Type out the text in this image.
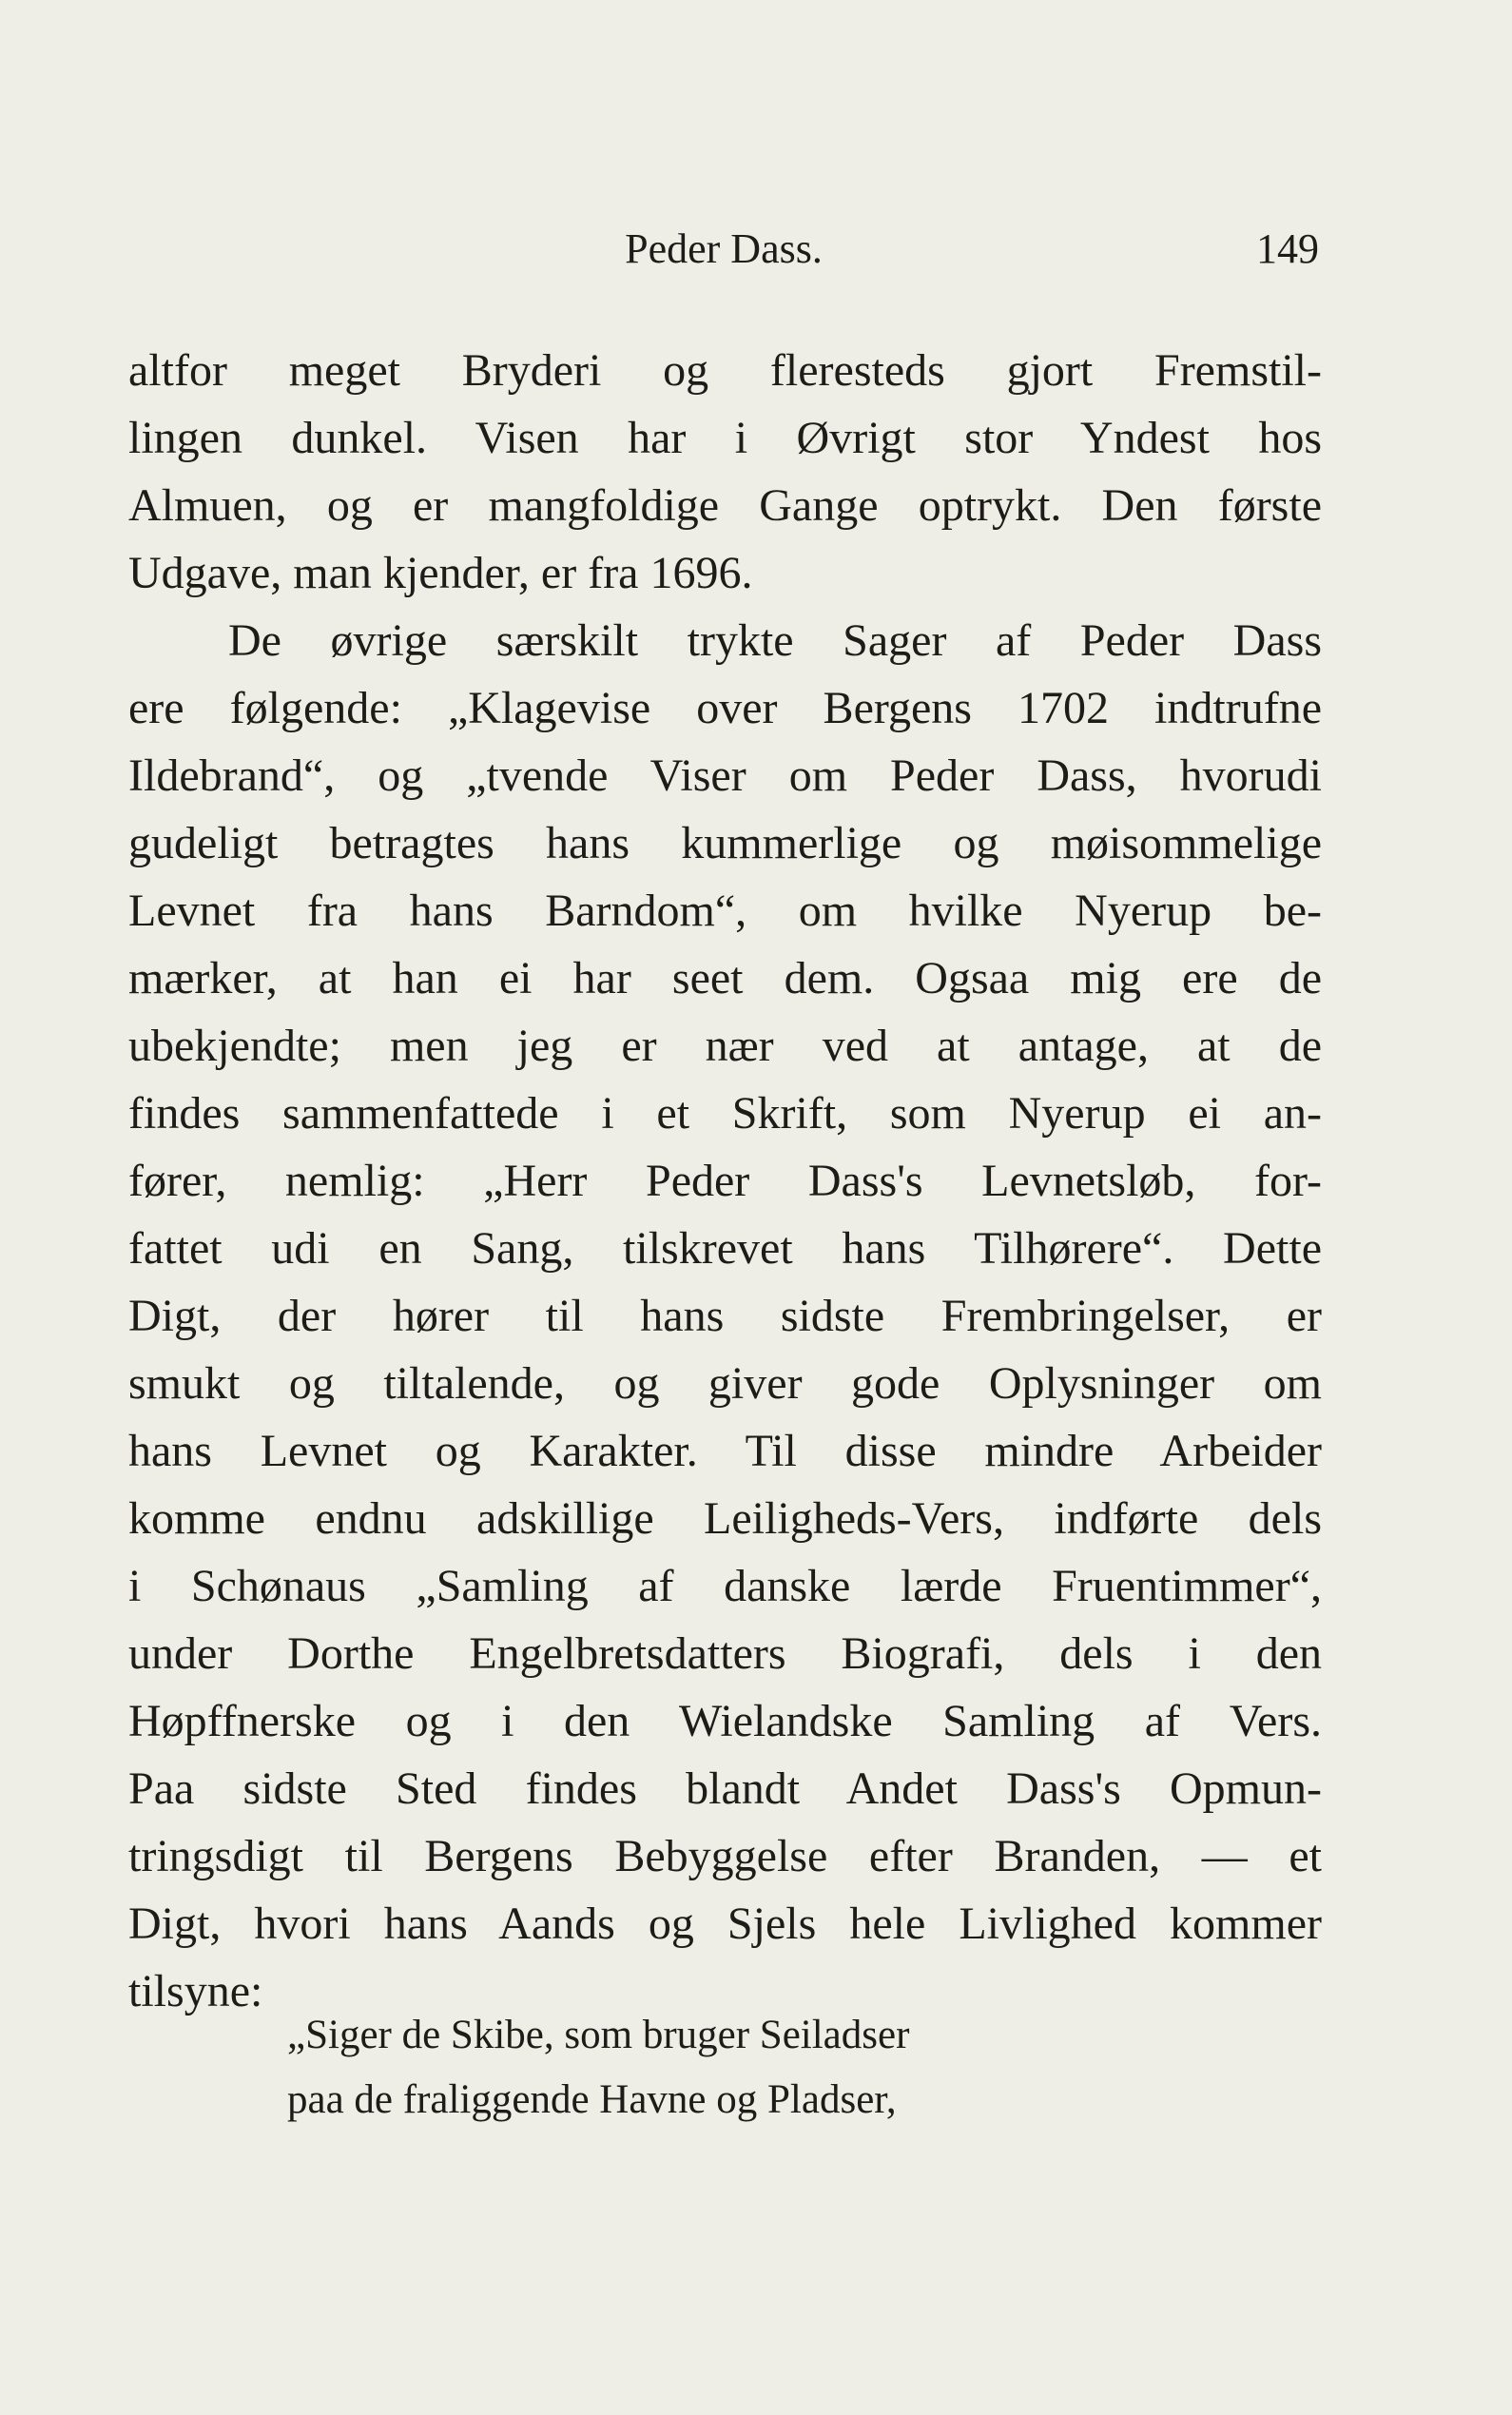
Peder Dass.	149
altfor meget Bryderi og fleresteds gjort Fremstil-
lingen dunkel. Visen har i Øvrigt stor Yndest hos
Almuen, og er mangfoldige Gange optrykt. Den første
Udgave, man kjender, er fra 1696.
De øvrige særskilt trykte Sager af Peder Dass
ere følgende: „Klagevise over Bergens 1702 indtrufne
Ildebrand“, og „tvende Viser om Peder Dass, hvorudi
gudeligt betragtes hans kummerlige og møisommelige
Levnet fra hans Barndom“, om hvilke Nyerup be-
mærker, at han ei har seet dem. Ogsaa mig ere de
ubekjendte; men jeg er nær ved at antage, at de
findes sammenfattede i et Skrift, som Nyerup ei an-
fører, nemlig: „Herr Peder Dass's Levnetsløb, for-
fattet udi en Sang, tilskrevet hans Tilhørere“. Dette
Digt, der hører til hans sidste Frembringelser, er
smukt og tiltalende, og giver gode Oplysninger om
hans Levnet og Karakter. Til disse mindre Arbeider
komme endnu adskillige Leiligheds-Vers, indførte dels
i Schønaus „Samling af danske lærde Fruentimmer“,
under Dorthe Engelbretsdatters Biografi, dels i den
Høpffnerske og i den Wielandske Samling af Vers.
Paa sidste Sted findes blandt Andet Dass's Opmun-
tringsdigt til Bergens Bebyggelse efter Branden, — et
Digt, hvori hans Aands og Sjels hele Livlighed kommer
tilsyne:
„Siger de Skibe, som bruger Seiladser
paa de fraliggende Havne og Pladser,
